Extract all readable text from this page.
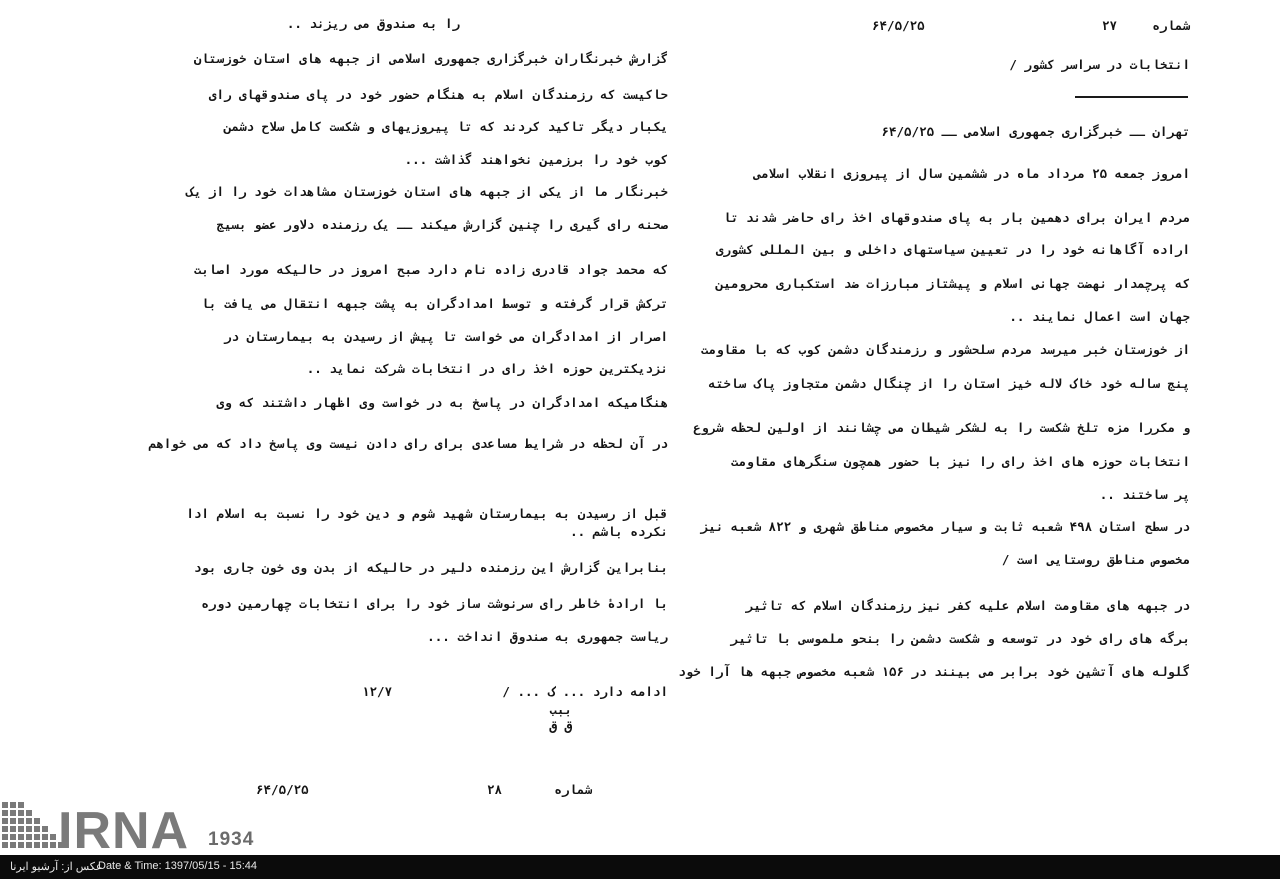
را به صندوق می ریزند ..
گزارش خبرنگاران خبرگزاری جمهوری اسلامی از جبهه های استان خوزستان
حاکیست که رزمندگان اسلام به هنگام حضور خود در پای صندوقهای رای
یکبار دیگر تاکید کردند که تا پیروزیهای و شکست کامل سلاح دشمن
کوب خود را برزمین نخواهند گذاشت ...
خبرنگار ما از یکی از جبهه های استان خوزستان مشاهدات خود را از یک
صحنه رای گیری را چنین گزارش میکند ــ یک رزمنده دلاور عضو بسیج
که محمد جواد قادری زاده نام دارد صبح امروز در حالیکه مورد اصابت
ترکش قرار گرفته و توسط امدادگران به پشت جبهه انتقال می یافت با
اصرار از امدادگران می خواست تا پیش از رسیدن به بیمارستان در
نزدیکترین حوزه اخذ رای در انتخابات شرکت نماید ..
هنگامیکه امدادگران در پاسخ به در خواست وی اظهار داشتند که وی
در آن لحظه در شرایط مساعدی برای رای دادن نیست وی پاسخ داد که می خواهم
قبل از رسیدن به بیمارستان شهید شوم و دین خود را نسبت به اسلام ادا
نکرده باشم ..
بنابراین گزارش این رزمنده دلیر در حالیکه از بدن وی خون جاری بود
با ارادهٔ خاطر رای سرنوشت ساز خود را برای انتخابات چهارمین دوره
ریاست جمهوری به صندوق انداخت ...
ادامه دارد ... ک ... /
۱۲/۷
ببب
ق ق
شماره
۲۸
۶۴/۵/۲۵
شماره
۲۷
۶۴/۵/۲۵
انتخابات در سراسر کشور /
تهران ــ خبرگزاری جمهوری اسلامی ــ ۶۴/۵/۲۵
امروز جمعه ۲۵ مرداد ماه در ششمین سال از پیروزی انقلاب اسلامی
مردم ایران برای دهمین بار به پای صندوقهای اخذ رای حاضر شدند تا
اراده آگاهانه خود را در تعیین سیاستهای داخلی و بین المللی کشوری
که پرچمدار نهضت جهانی اسلام و پیشتاز مبارزات ضد استکباری محرومین
جهان است اعمال نمایند ..
از خوزستان خبر میرسد مردم سلحشور و رزمندگان دشمن کوب که با مقاومت
پنج ساله خود خاک لاله خیز استان را از چنگال دشمن متجاوز پاک ساخته
و مکررا مزه تلخ شکست را به لشکر شیطان می چشانند از اولین لحظه شروع
انتخابات حوزه های اخذ رای را نیز با حضور همچون سنگرهای مقاومت
پر ساختند ..
در سطح استان ۴۹۸ شعبه ثابت و سیار مخصوص مناطق شهری و ۸۲۲ شعبه نیز
مخصوص مناطق روستایی است /
در جبهه های مقاومت اسلام علیه کفر نیز رزمندگان اسلام که تاثیر
برگه های رای خود در توسعه و شکست دشمن را بنحو ملموسی با تاثیر
گلوله های آتشین خود برابر می بینند در ۱۵۶ شعبه مخصوص جبهه ها آرا خود
IRNA 1934
عکس از: آرشیو ایرنا
Date & Time: 1397/05/15 - 15:44
